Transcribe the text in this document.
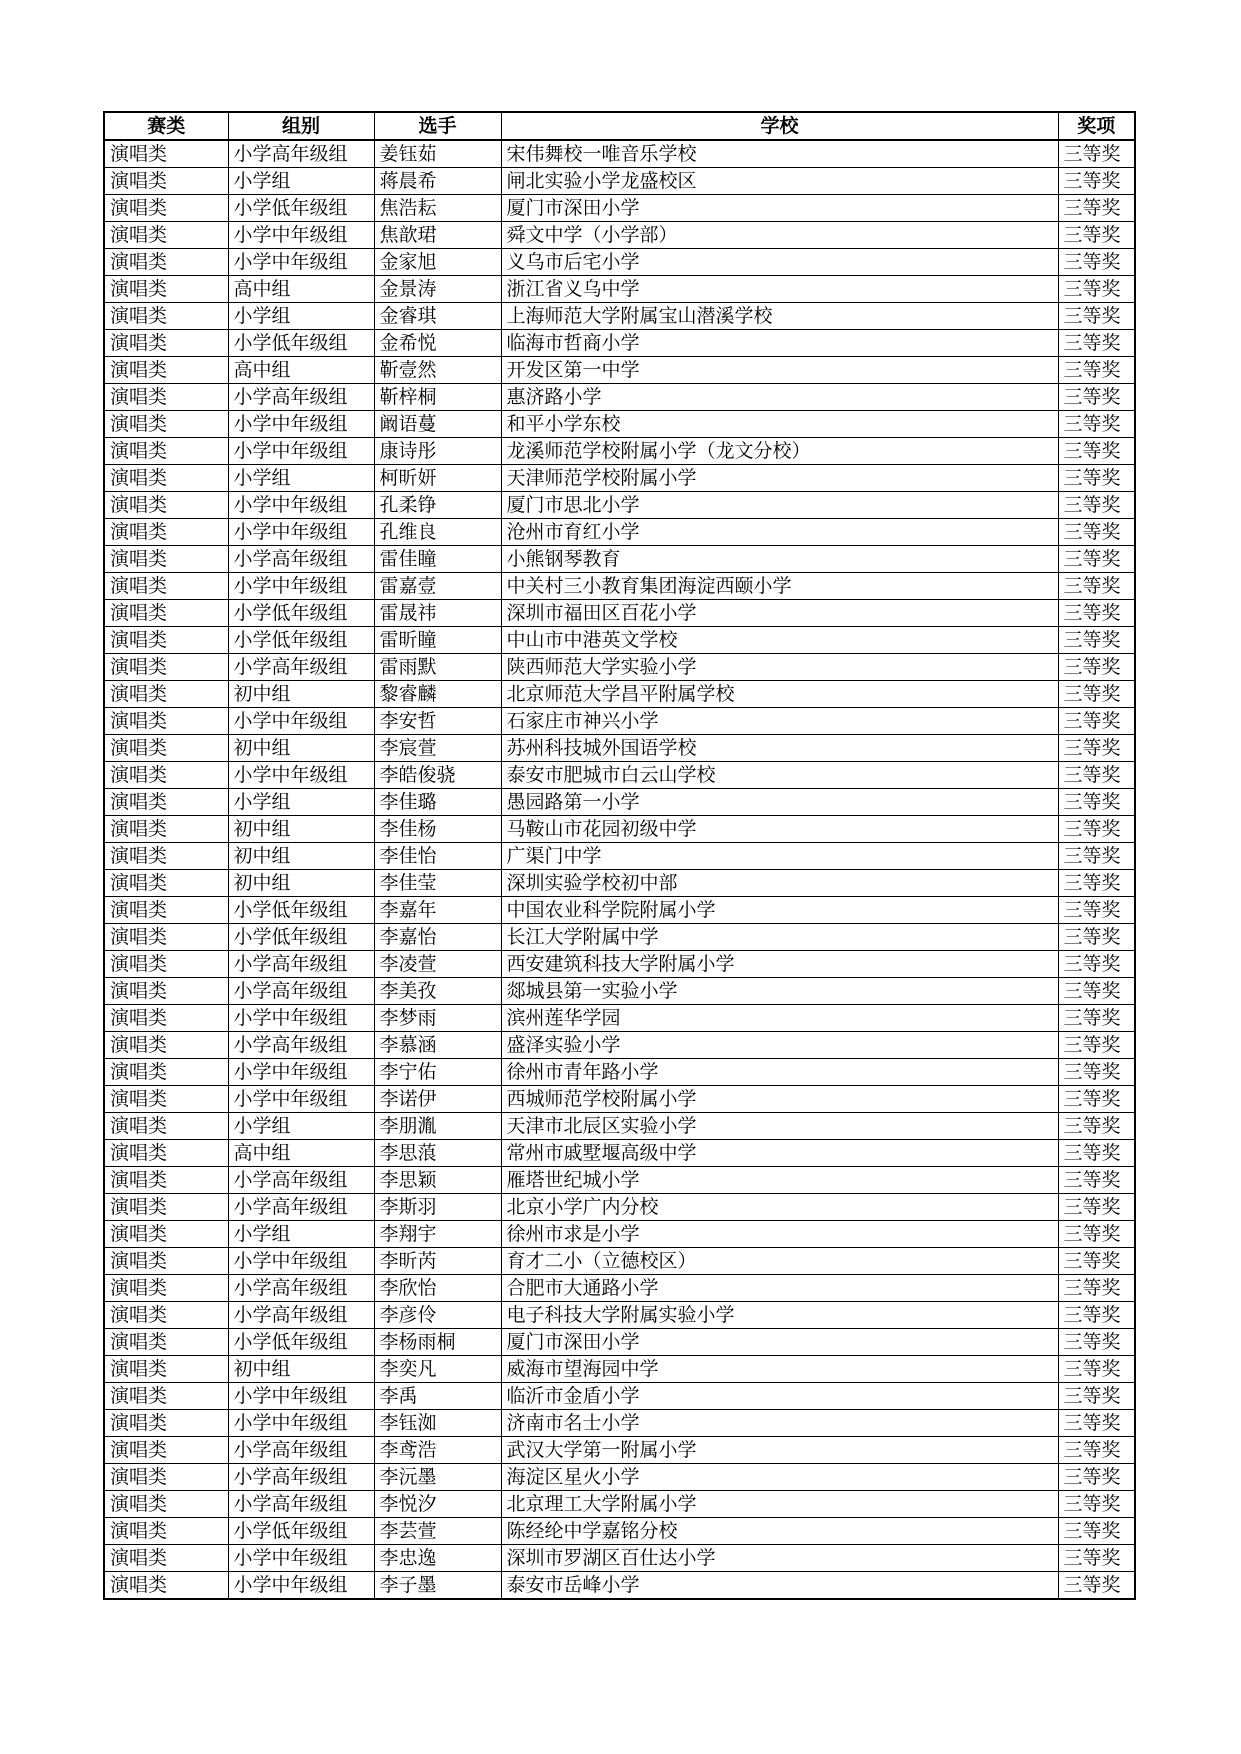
赛类	组别	选手	学校	奖项
演唱类	小学高年级组	姜钰茹	宋伟舞校一唯音乐学校	三等奖
演唱类	小学组	蒋晨希	闸北实验小学龙盛校区	三等奖
演唱类	小学低年级组	焦浩耘	厦门市深田小学	三等奖
演唱类	小学中年级组	焦歆珺	舜文中学（小学部）	三等奖
演唱类	小学中年级组	金家旭	义乌市后宅小学	三等奖
演唱类	高中组	金景涛	浙江省义乌中学	三等奖
演唱类	小学组	金睿琪	上海师范大学附属宝山潜溪学校	三等奖
演唱类	小学低年级组	金希悦	临海市哲商小学	三等奖
演唱类	高中组	靳壹然	开发区第一中学	三等奖
演唱类	小学高年级组	靳梓桐	惠济路小学	三等奖
演唱类	小学中年级组	阚语蔓	和平小学东校	三等奖
演唱类	小学中年级组	康诗彤	龙溪师范学校附属小学（龙文分校）	三等奖
演唱类	小学组	柯昕妍	天津师范学校附属小学	三等奖
演唱类	小学中年级组	孔柔铮	厦门市思北小学	三等奖
演唱类	小学中年级组	孔维良	沧州市育红小学	三等奖
演唱类	小学高年级组	雷佳瞳	小熊钢琴教育	三等奖
演唱类	小学中年级组	雷嘉壹	中关村三小教育集团海淀西颐小学	三等奖
演唱类	小学低年级组	雷晟祎	深圳市福田区百花小学	三等奖
演唱类	小学低年级组	雷昕瞳	中山市中港英文学校	三等奖
演唱类	小学高年级组	雷雨默	陕西师范大学实验小学	三等奖
演唱类	初中组	黎睿麟	北京师范大学昌平附属学校	三等奖
演唱类	小学中年级组	李安哲	石家庄市神兴小学	三等奖
演唱类	初中组	李宸萱	苏州科技城外国语学校	三等奖
演唱类	小学中年级组	李皓俊骁	泰安市肥城市白云山学校	三等奖
演唱类	小学组	李佳璐	愚园路第一小学	三等奖
演唱类	初中组	李佳杨	马鞍山市花园初级中学	三等奖
演唱类	初中组	李佳怡	广渠门中学	三等奖
演唱类	初中组	李佳莹	深圳实验学校初中部	三等奖
演唱类	小学低年级组	李嘉年	中国农业科学院附属小学	三等奖
演唱类	小学低年级组	李嘉怡	长江大学附属中学	三等奖
演唱类	小学高年级组	李凌萱	西安建筑科技大学附属小学	三等奖
演唱类	小学高年级组	李美孜	郯城县第一实验小学	三等奖
演唱类	小学中年级组	李梦雨	滨州莲华学园	三等奖
演唱类	小学高年级组	李慕涵	盛泽实验小学	三等奖
演唱类	小学中年级组	李宁佑	徐州市青年路小学	三等奖
演唱类	小学中年级组	李诺伊	西城师范学校附属小学	三等奖
演唱类	小学组	李朋湚	天津市北辰区实验小学	三等奖
演唱类	高中组	李思蒗	常州市戚墅堰高级中学	三等奖
演唱类	小学高年级组	李思颖	雁塔世纪城小学	三等奖
演唱类	小学高年级组	李斯羽	北京小学广内分校	三等奖
演唱类	小学组	李翔宇	徐州市求是小学	三等奖
演唱类	小学中年级组	李昕芮	育才二小（立德校区）	三等奖
演唱类	小学高年级组	李欣怡	合肥市大通路小学	三等奖
演唱类	小学高年级组	李彦伶	电子科技大学附属实验小学	三等奖
演唱类	小学低年级组	李杨雨桐	厦门市深田小学	三等奖
演唱类	初中组	李奕凡	威海市望海园中学	三等奖
演唱类	小学中年级组	李禹	临沂市金盾小学	三等奖
演唱类	小学中年级组	李钰洳	济南市名士小学	三等奖
演唱类	小学高年级组	李鸢浩	武汉大学第一附属小学	三等奖
演唱类	小学高年级组	李沅墨	海淀区星火小学	三等奖
演唱类	小学高年级组	李悦汐	北京理工大学附属小学	三等奖
演唱类	小学低年级组	李芸萱	陈经纶中学嘉铭分校	三等奖
演唱类	小学中年级组	李忠逸	深圳市罗湖区百仕达小学	三等奖
演唱类	小学中年级组	李子墨	泰安市岳峰小学	三等奖
